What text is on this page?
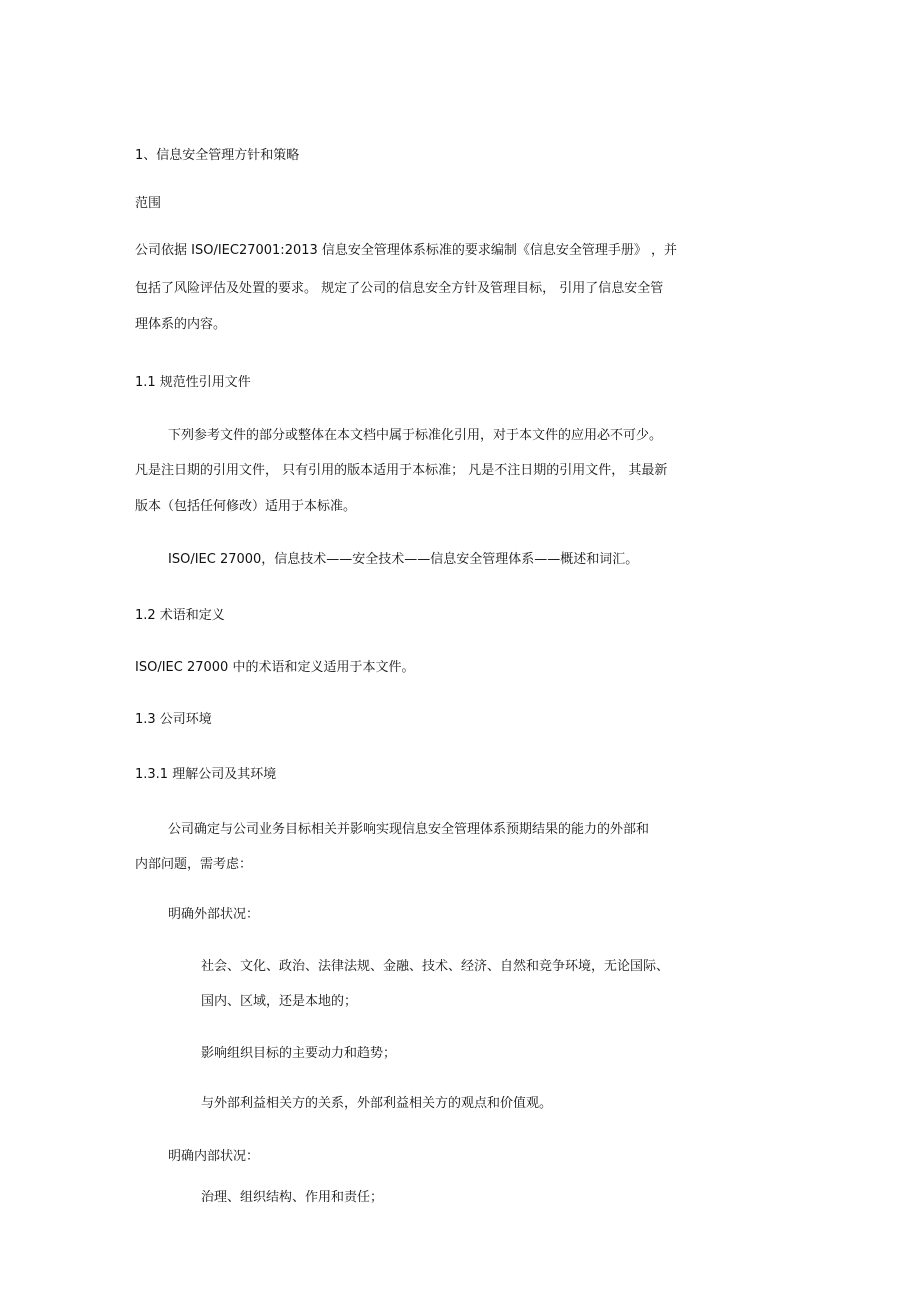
1、信息安全管理方针和策略
范围
公司依据 ISO/IEC27001:2013 信息安全管理体系标准的要求编制《信息安全管理手册》 ，并
包括了风险评估及处置的要求。 规定了公司的信息安全方针及管理目标， 引用了信息安全管
理体系的内容。
1.1 规范性引用文件
下列参考文件的部分或整体在本文档中属于标准化引用，对于本文件的应用必不可少。
凡是注日期的引用文件， 只有引用的版本适用于本标准； 凡是不注日期的引用文件， 其最新
版本（包括任何修改）适用于本标准。
ISO/IEC 27000，信息技术——安全技术——信息安全管理体系——概述和词汇。
1.2 术语和定义
ISO/IEC 27000 中的术语和定义适用于本文件。
1.3 公司环境
1.3.1 理解公司及其环境
公司确定与公司业务目标相关并影响实现信息安全管理体系预期结果的能力的外部和
内部问题，需考虑：
明确外部状况：
社会、文化、政治、法律法规、金融、技术、经济、自然和竞争环境，无论国际、
国内、区域，还是本地的；
影响组织目标的主要动力和趋势；
与外部利益相关方的关系，外部利益相关方的观点和价值观。
明确内部状况：
治理、组织结构、作用和责任；
